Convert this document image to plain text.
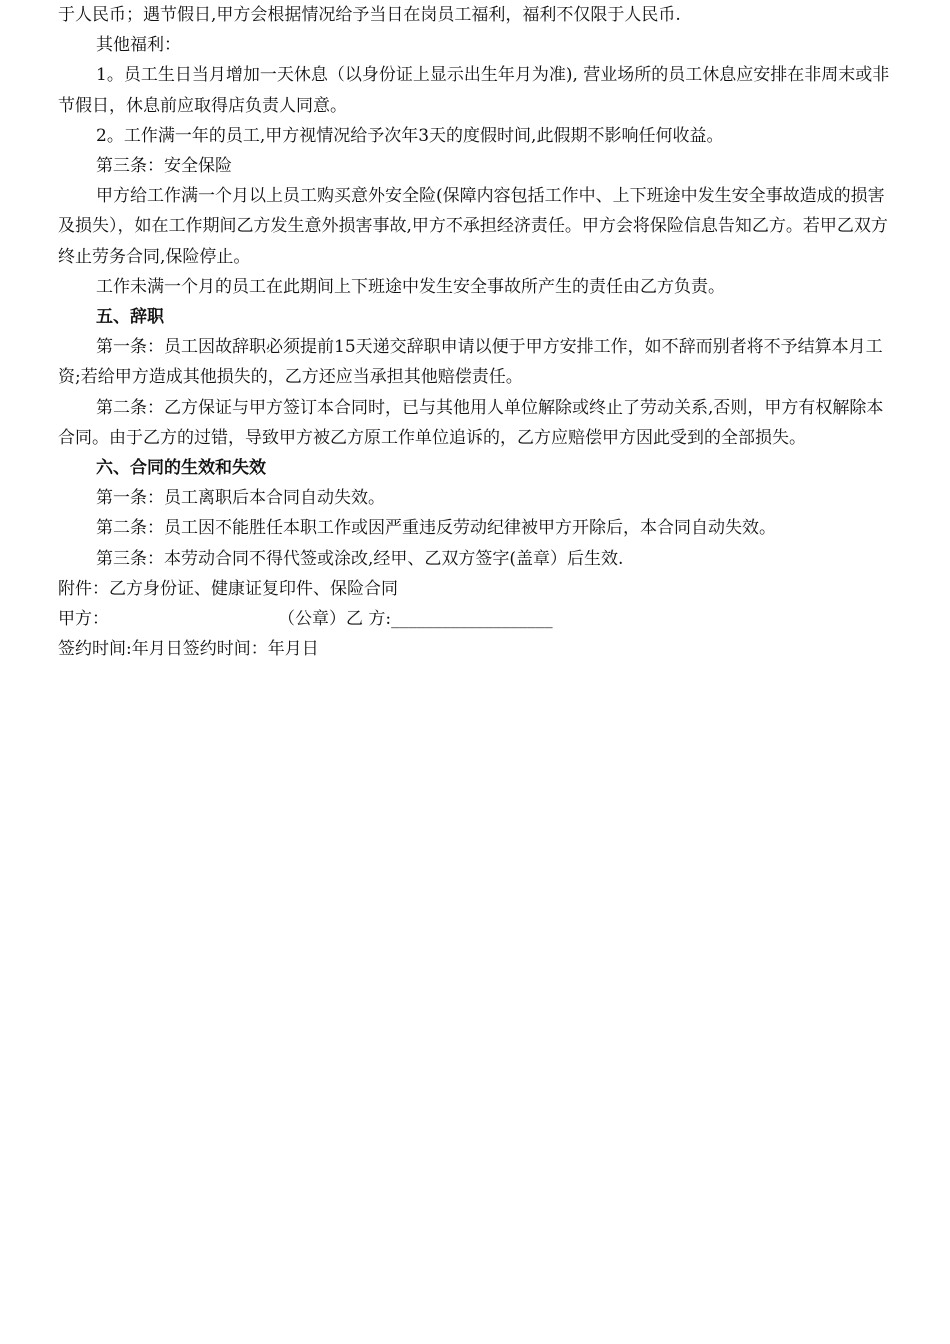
于人民币；遇节假日,甲方会根据情况给予当日在岗员工福利，福利不仅限于人民币.

其他福利：

1。员工生日当月增加一天休息（以身份证上显示出生年月为准), 营业场所的员工休息应安排在非周末或非节假日，休息前应取得店负责人同意。

2。工作满一年的员工,甲方视情况给予次年3天的度假时间,此假期不影响任何收益。

第三条：安全保险

甲方给工作满一个月以上员工购买意外安全险(保障内容包括工作中、上下班途中发生安全事故造成的损害及损失），如在工作期间乙方发生意外损害事故,甲方不承担经济责任。甲方会将保险信息告知乙方。若甲乙双方终止劳务合同,保险停止。

工作未满一个月的员工在此期间上下班途中发生安全事故所产生的责任由乙方负责。

五、辞职

第一条：员工因故辞职必须提前15天递交辞职申请以便于甲方安排工作，如不辞而别者将不予结算本月工资;若给甲方造成其他损失的，乙方还应当承担其他赔偿责任。

第二条：乙方保证与甲方签订本合同时，已与其他用人单位解除或终止了劳动关系,否则，甲方有权解除本合同。由于乙方的过错，导致甲方被乙方原工作单位追诉的，乙方应赔偿甲方因此受到的全部损失。

六、合同的生效和失效

第一条：员工离职后本合同自动失效。

第二条：员工因不能胜任本职工作或因严重违反劳动纪律被甲方开除后，本合同自动失效。

第三条：本劳动合同不得代签或涂改,经甲、乙双方签字(盖章）后生效.

附件：乙方身份证、健康证复印件、保险合同

甲方：	（公章）乙 方:___________________

签约时间:年月日签约时间：年月日
